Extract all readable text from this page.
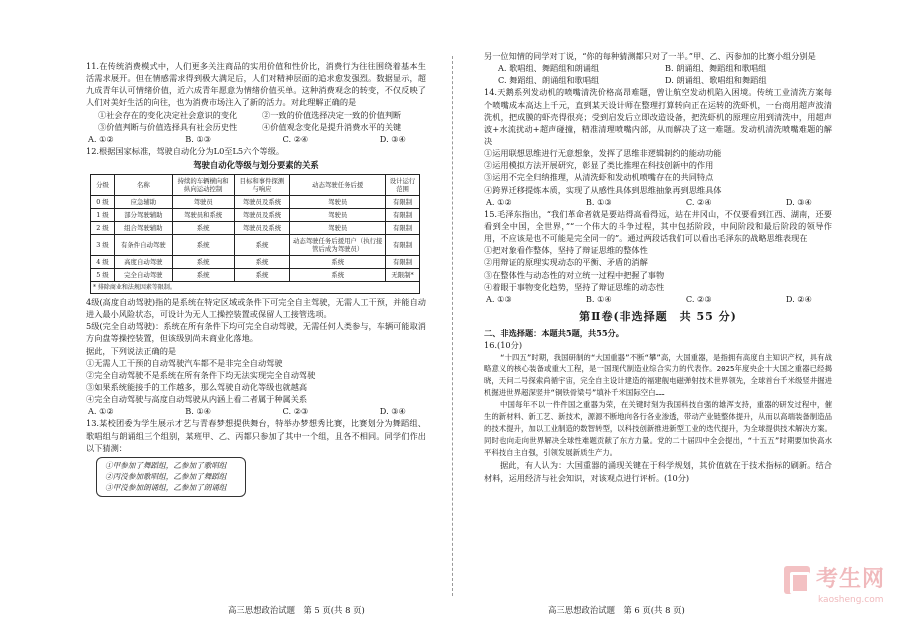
11.在传统消费模式中，人们更多关注商品的实用价值和性价比，消费行为往往围绕着基本生活需求展开。但在情感需求得到极大满足后，人们对精神层面的追求愈发强烈。数据显示，超九成青年认可情绪价值，近六成青年愿意为情绪价值买单。这种消费观念的转变，不仅反映了人们对美好生活的向往，也为消费市场注入了新的活力。对此理解正确的是

①社会存在的变化决定社会意识的变化	②一致的价值选择决定一致的价值判断
③价值判断与价值选择具有社会历史性	④价值观念变化是提升消费水平的关键
A. ①②	B. ①③	C. ②④	D. ③④

12.根据国家标准，驾驶自动化分为L0至L5六个等级。

驾驶自动化等级与划分要素的关系
分级	名称	持续的车辆横向和纵向运动控制	目标和事件探测与响应	动态驾驶任务后援	设计运行范围
0 级	应急辅助	驾驶员	驾驶员及系统	驾驶员	有限制
1 级	部分驾驶辅助	驾驶员和系统	驾驶员及系统	驾驶员	有限制
2 级	组合驾驶辅助	系统	驾驶员及系统	驾驶员	有限制
3 级	有条件自动驾驶	系统	系统	动态驾驶任务后援用户（执行接管后成为驾驶员）	有限制
4 级	高度自动驾驶	系统	系统	系统	有限制
5 级	完全自动驾驶	系统	系统	系统	无限制*
* 排除商业和法规因素等限制。					

4级(高度自动驾驶)指的是系统在特定区域或条件下可完全自主驾驶，无需人工干预，并能自动进入最小风险状态，可设计为无人工操控装置或保留人工接管选项。

5级(完全自动驾驶)：系统在所有条件下均可完全自动驾驶，无需任何人类参与，车辆可能取消方向盘等操控装置，但该级别尚未商业化落地。

据此，下列说法正确的是

①无需人工干预的自动驾驶汽车都不是非完全自动驾驶

②完全自动驾驶不是系统在所有条件下均无法实现完全自动驾驶

③如果系统能接手的工作越多，那么驾驶自动化等级也就越高

④完全自动驾驶与高度自动驾驶从内涵上看二者属于种属关系

A. ①②	B. ①④	C. ②③	D. ③④

13.某校团委为学生展示才艺与青春梦想提供舞台，特举办梦想秀比赛，比赛划分为舞蹈组、歌唱组与朗诵组三个组别，某班甲、乙、丙都只参加了其中一个组，且各不相同。同学们作出以下猜测：

①甲参加了舞蹈组，乙参加了歌唱组

②丙没参加歌唱组，乙参加了舞蹈组

③甲没参加朗诵组，乙参加了朗诵组

另一位知情的同学对丁说，“你的每种猜测都只对了一半。”甲、乙、丙参加的比赛小组分别是

A. 歌唱组、舞蹈组和朗诵组	B. 朗诵组、舞蹈组和歌唱组
C. 舞蹈组、朗诵组和歌唱组	D. 朗诵组、歌唱组和舞蹈组

14.天鹅系列发动机的喷嘴清洗价格高昂难题，曾让航空发动机陷入困境。传统工业清洗方案每个喷嘴成本高达上千元，直到某天设计师在整理打算转向正在运转的洗虾机，一台商用超声波清洗机，把成膜的虾壳得很亮；受到启发后立即改造设备，把洗虾机的原理应用到清洗中，用超声波+水流扰动+超声碰撞，精准清理喷嘴内部，从而解决了这一难题。发动机清洗喷嘴难题的解决

①运用联想思维进行无意想象，发挥了思维非逻辑制约的能动功能

②运用模拟方法开展研究，彰显了类比推理在科技创新中的作用

③运用不完全归纳推理，从清洗虾和发动机喷嘴存在的共同特点

④跨界迁移提炼本质，实现了从感性具体到思维抽象再到思维具体

A. ①②	B. ①③	C. ②④	D. ③④

15.毛泽东指出，“我们革命者就是要站得高看得远，站在井冈山，不仅要看到江西、湖南，还要看到全中国，全世界，”“一个伟大的斗争过程，其中包括阶段，中间阶段和最后阶段的领导作用，不应该是也不可能是完全同一的”。通过两段话我们可以看出毛泽东的战略思维表现在

①把对象看作整体，坚持了辩证思维的整体性

②用辩证的原理实现动态的平衡、矛盾的消解

③在整体性与动态性的对立统一过程中把握了事物

④着眼于事物变化趋势，坚持了辩证思维的动态性

A. ①③	B. ①④	C. ②③	D. ②④
第Ⅱ卷(非选择题　共 55 分)

二、非选择题：本题共5题，共55分。

16.(10分)

“十四五”时期，我国研制的“大国重器”不断“攀”高，大国重器，是指拥有高度自主知识产权，具有战略意义的核心装备或重大工程，是一国现代制造业综合实力的代表作。2025年度央企十大国之重器已经揭晓，天问二号探索尚循宇宙，完全自主设计建造的福建舰电磁弹射技术世界领先，全球首台千米级竖井掘进机掘进世界超深竖井“铜铁骨梁号”填补千米国际空白……

中国每年不以一件件国之重器为荣，在关键时刻为我国科技自强的雄浑支持，重器的研发过程中，催生的新材料、新工艺、新技术，源源不断地向各行各业渗透，带动产业链整体提升，从而以高端装备制造品的技术提升，加以工业制造的数智转型，以科技创新推进新型工业的迭代提升，为全球提供技术解决方案。同时也向走向世界解决全球性难题贡献了东方力量。党的二十届四中全会提出，“十五五”时期要加快高水平科技自主自强，引领发展新质生产力。

据此，有人认为：大国重器的涌现关键在于科学规划，其价值就在于技术指标的刷新。结合材料，运用经济与社会知识，对该观点进行评析。(10分)

高三思想政治试题　第 5 页(共 8 页)	高三思想政治试题　第 6 页(共 8 页)
考生网
kaosheng.com
